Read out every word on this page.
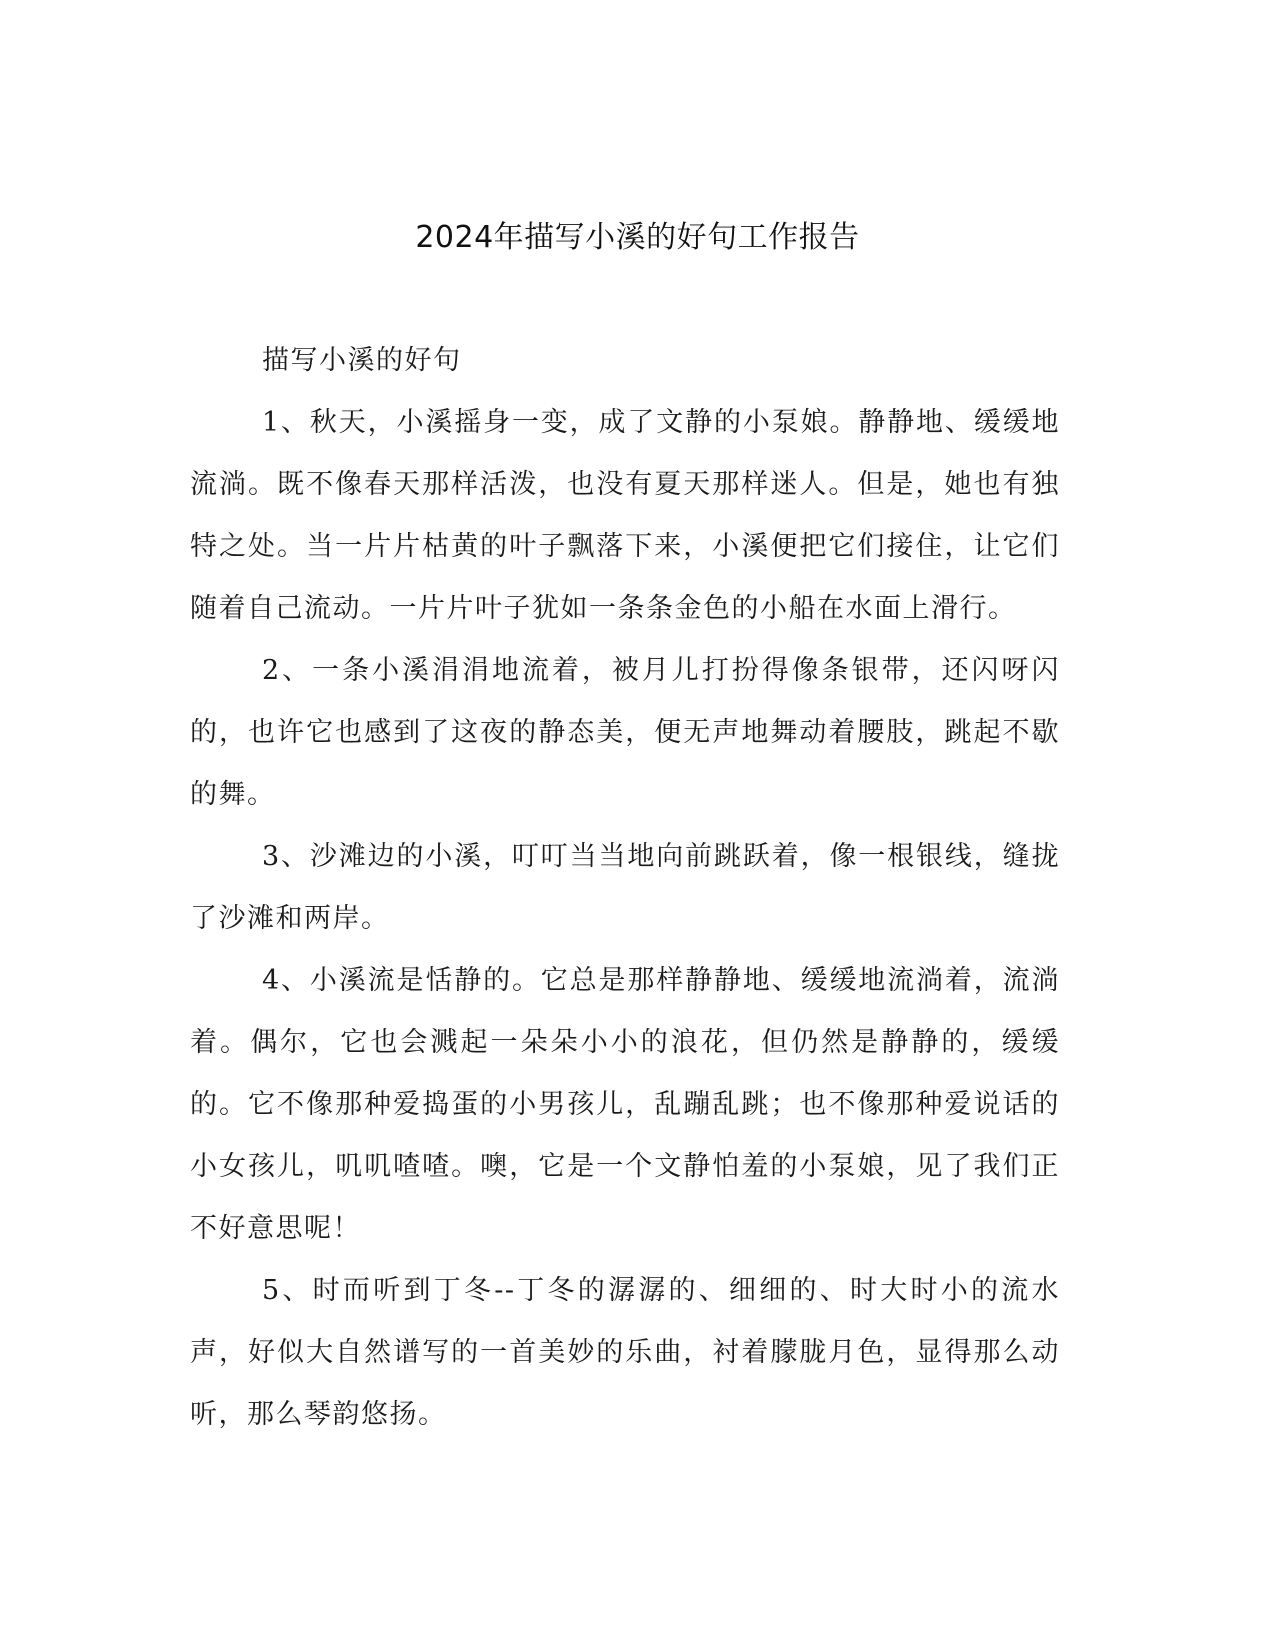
2024年描写小溪的好句工作报告

描写小溪的好句

1、秋天，小溪摇身一变，成了文静的小泵娘。静静地、缓缓地流淌。既不像春天那样活泼，也没有夏天那样迷人。但是，她也有独特之处。当一片片枯黄的叶子飘落下来，小溪便把它们接住，让它们随着自己流动。一片片叶子犹如一条条金色的小船在水面上滑行。

2、一条小溪涓涓地流着，被月儿打扮得像条银带，还闪呀闪的，也许它也感到了这夜的静态美，便无声地舞动着腰肢，跳起不歇的舞。

3、沙滩边的小溪，叮叮当当地向前跳跃着，像一根银线，缝拢了沙滩和两岸。

4、小溪流是恬静的。它总是那样静静地、缓缓地流淌着，流淌着。偶尔，它也会溅起一朵朵小小的浪花，但仍然是静静的，缓缓的。它不像那种爱捣蛋的小男孩儿，乱蹦乱跳；也不像那种爱说话的小女孩儿，叽叽喳喳。噢，它是一个文静怕羞的小泵娘，见了我们正不好意思呢！

5、时而听到丁冬--丁冬的潺潺的、细细的、时大时小的流水声，好似大自然谱写的一首美妙的乐曲，衬着朦胧月色，显得那么动听，那么琴韵悠扬。
